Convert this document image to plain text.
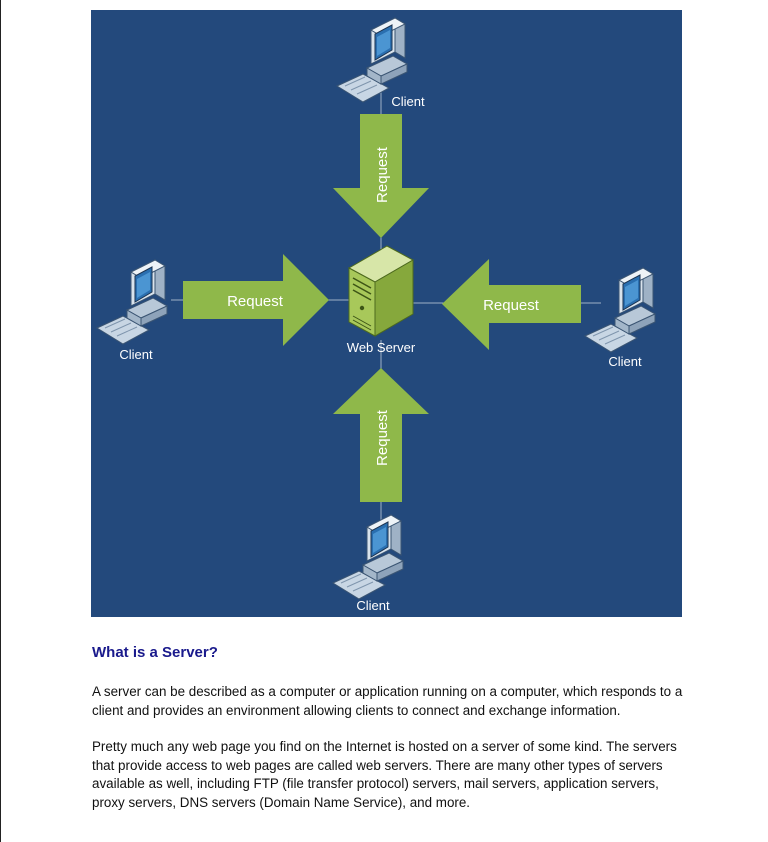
Request
Request	Request
Request
Web Server
Client
Client	Client
Client
What is a Server?

A server can be described as a computer or application running on a computer, which responds to a client and provides an environment allowing clients to connect and exchange information.

Pretty much any web page you find on the Internet is hosted on a server of some kind. The servers that provide access to web pages are called web servers. There are many other types of servers available as well, including FTP (file transfer protocol) servers, mail servers, application servers, proxy servers, DNS servers (Domain Name Service), and more.
